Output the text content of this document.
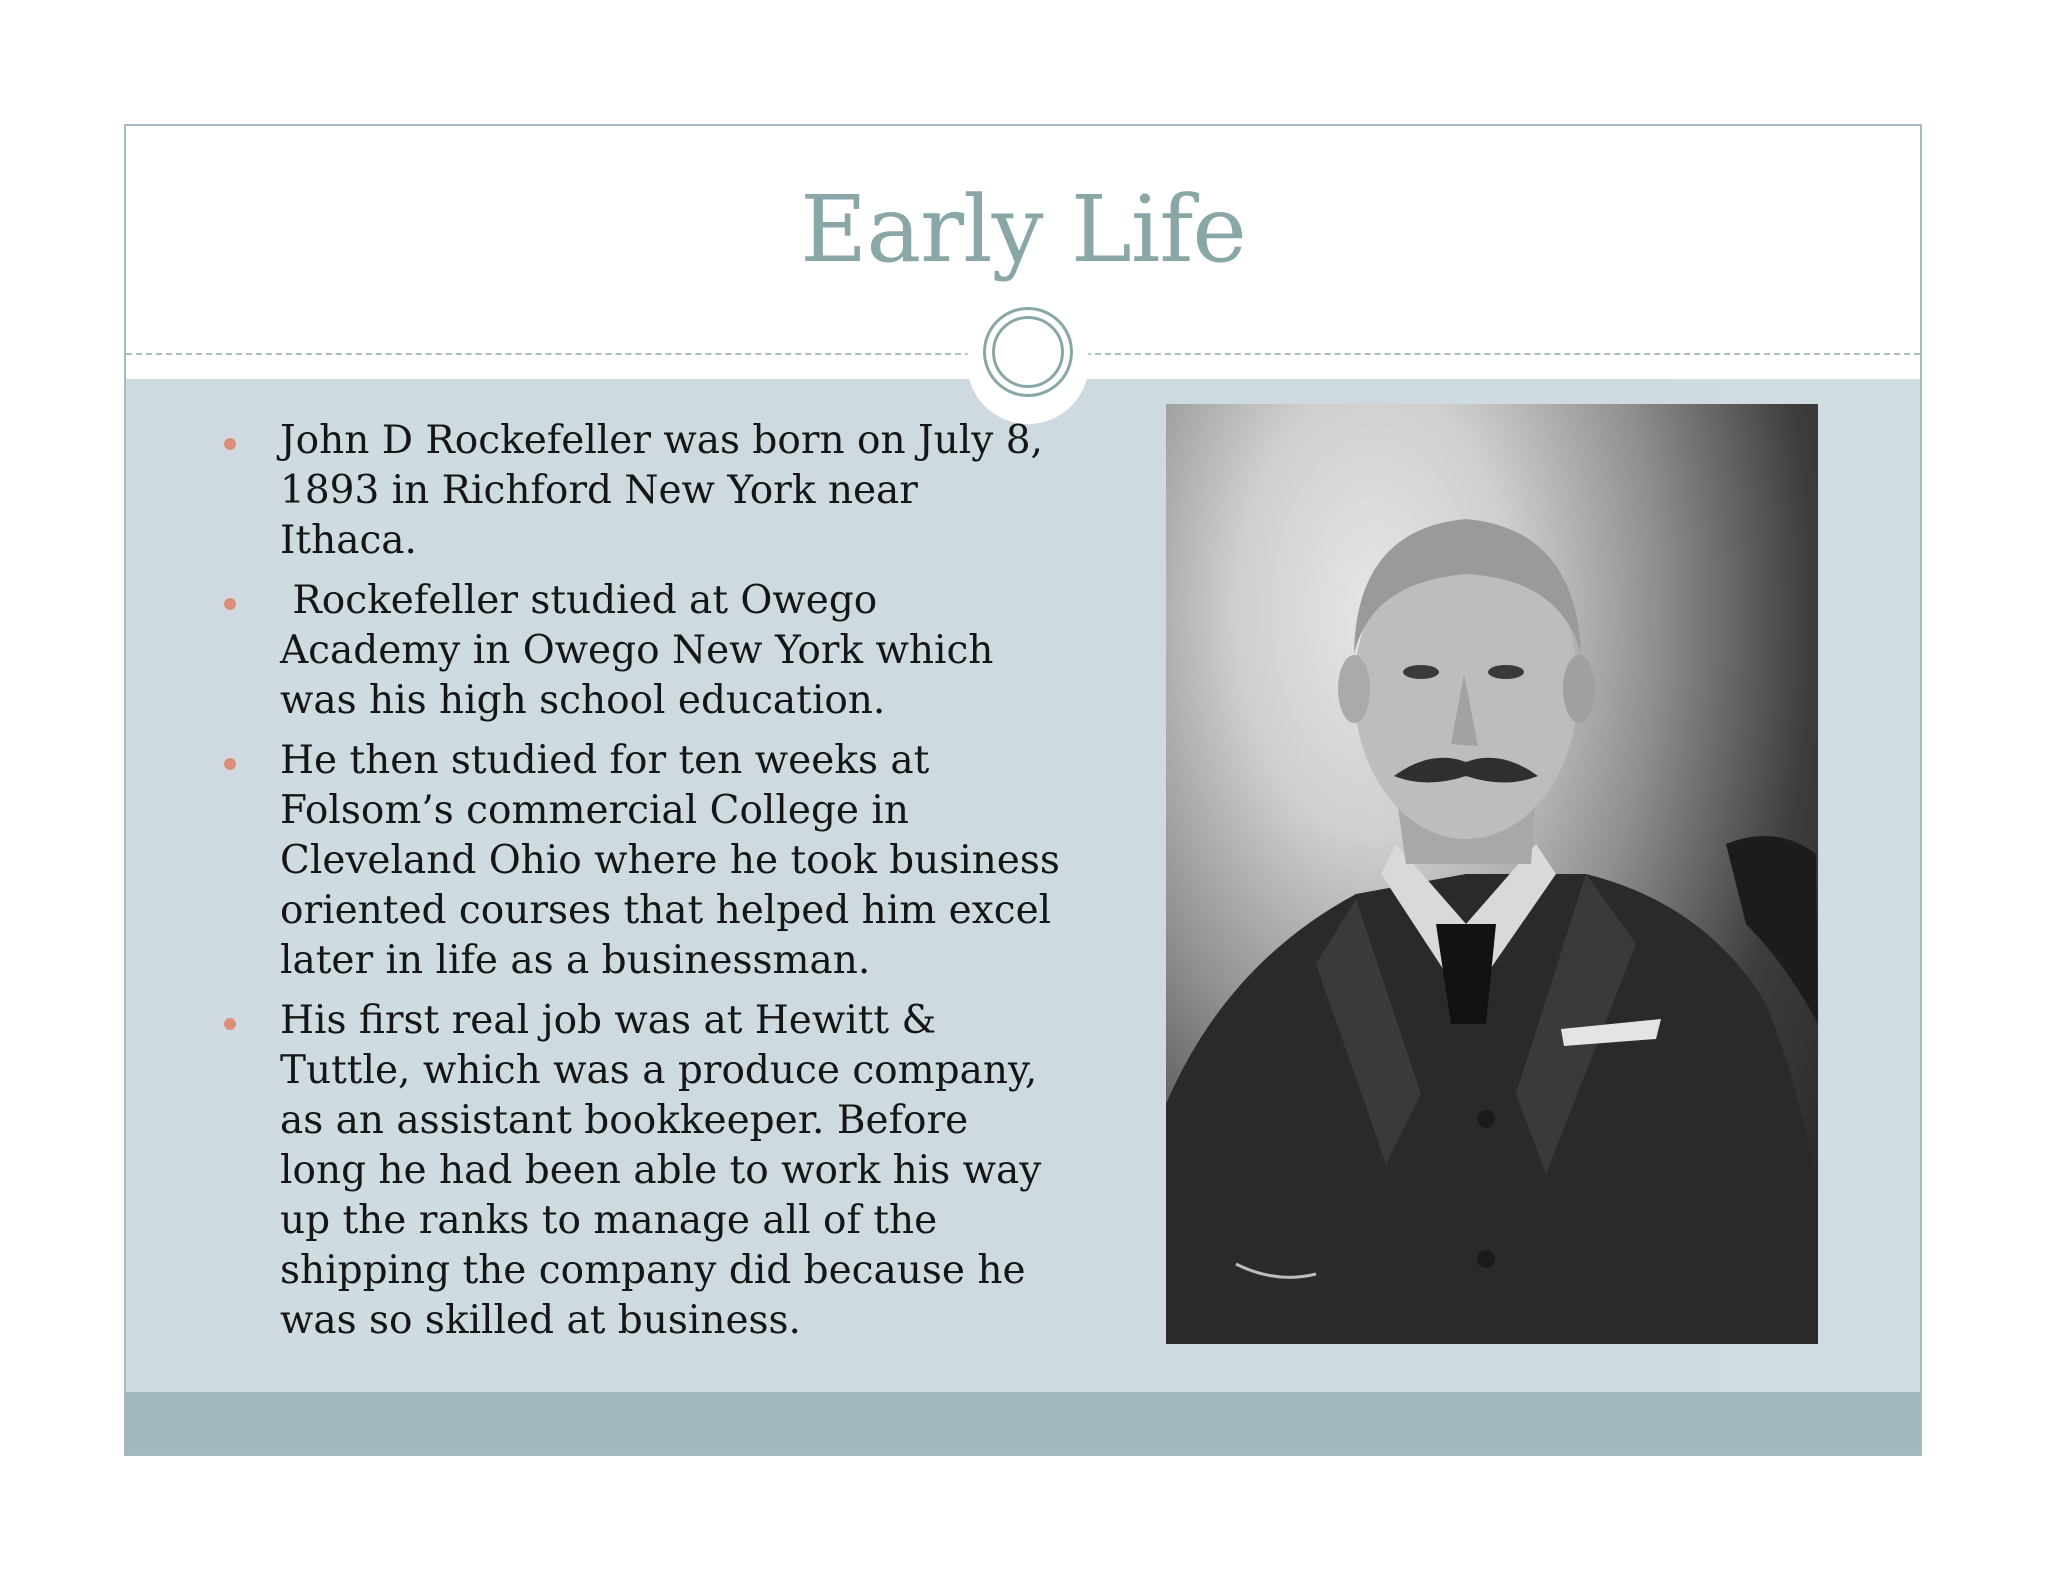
Early Life
John D Rockefeller was born on July 8, 1893 in Richford New York near Ithaca.
Rockefeller studied at Owego Academy in Owego New York which was his high school education.
He then studied for ten weeks at Folsom’s commercial College in Cleveland Ohio where he took business oriented courses that helped him excel later in life as a businessman.
His first real job was at Hewitt & Tuttle, which was a produce company, as an assistant bookkeeper. Before long he had been able to work his way up the ranks to manage all of the shipping the company did because he was so skilled at business.
